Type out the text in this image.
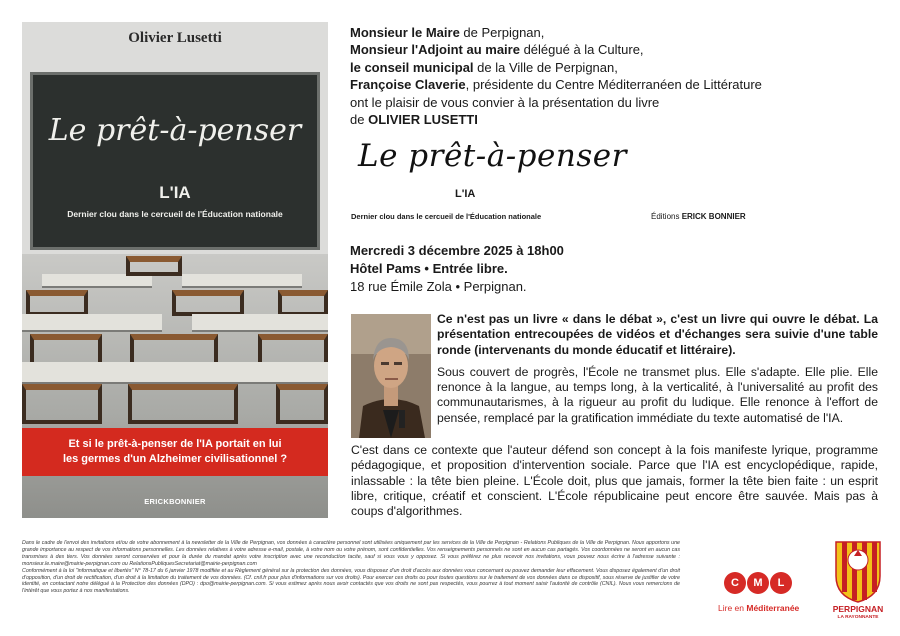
Olivier Lusetti
Le prêt-à-penser
L'IA
Dernier clou dans le cercueil de l'Éducation nationale
Et si le prêt-à-penser de l'IA portait en lui
les germes d'un Alzheimer civilisationnel ?
ERICKBONNIER
Monsieur le Maire de Perpignan,
Monsieur l'Adjoint au maire délégué à la Culture,
le conseil municipal de la Ville de Perpignan,
Françoise Claverie, présidente du Centre Méditerranéen de Littérature
ont le plaisir de vous convier à la présentation du livre
de OLIVIER LUSETTI
Le prêt-à-penser
L'IA
Dernier clou dans le cercueil de l'Éducation nationale	Éditions ERICK BONNIER
Mercredi 3 décembre 2025 à 18h00
Hôtel Pams • Entrée libre.
18 rue Émile Zola • Perpignan.

Ce n'est pas un livre « dans le débat », c'est un livre qui ouvre le débat. La présentation entrecoupées de vidéos et d'échanges sera suivie d'une table ronde (intervenants du monde éducatif et littéraire).

Sous couvert de progrès, l'École ne transmet plus. Elle s'adapte. Elle plie. Elle renonce à la langue, au temps long, à la verticalité, à l'universalité au profit des communautarismes, à la rigueur au profit du ludique. Elle renonce à l'effort de pensée, remplacé par la gratification immédiate du texte automatisé de l'IA.

C'est dans ce contexte que l'auteur défend son concept à la fois manifeste lyrique, programme pédagogique, et proposition d'intervention sociale. Parce que l'IA est encyclopédique, rapide, inlassable : la tête bien pleine. L'École doit, plus que jamais, former la tête bien faite : un esprit libre, critique, créatif et conscient. L'École républicaine peut encore être sauvée. Mais pas à coups d'algorithmes.

Dans le cadre de l'envoi des invitations et/ou de votre abonnement à la newsletter de la Ville de Perpignan, vos données à caractère personnel sont utilisées uniquement par les services de la Ville de Perpignan - Relations Publiques de la Ville de Perpignan. Nous apportons une grande importance au respect de vos informations personnelles. Les données relatives à votre adresse e-mail, postale, à votre nom ou votre prénom, sont confidentielles. Vos renseignements personnels ne sont en aucun cas partagés. Vos coordonnées ne seront en aucun cas transmises à des tiers. Vos données seront conservées et pour la durée du mandat après votre inscription avec une reconduction tacite, sauf si vous vous y opposez. Si vous préférez ne plus recevoir nos invitations, vous pouvez nous écrire à l'adresse suivante : monsieur.le.maire@mairie-perpignan.com ou RelationsPubliquesSecretariat@mairie-perpignan.com

Conformément à la loi "informatique et libertés" N° 78-17 du 6 janvier 1978 modifiée et au Règlement général sur la protection des données, vous disposez d'un droit d'accès aux données vous concernant ou pouvez demander leur effacement. Vous disposez également d'un droit d'opposition, d'un droit de rectification, d'un droit à la limitation du traitement de vos données. (Cf. cnil.fr pour plus d'informations sur vos droits). Pour exercer ces droits ou pour toutes questions sur le traitement de vos données dans ce dispositif, sous réserve de justifier de votre identité, en contactant notre délégué à la Protection des données (DPO) : dpo@mairie-perpignan.com. Si vous estimez après nous avoir contactés que vos droits ne sont pas respectés, vous pourrez à tout moment saisir l'autorité de contrôle (CNIL). Nous vous remercions de l'intérêt que vous portez à nos manifestations.

C	M	L
Lire en Méditerranée	PERPIGNAN
LA RAYONNANTE
